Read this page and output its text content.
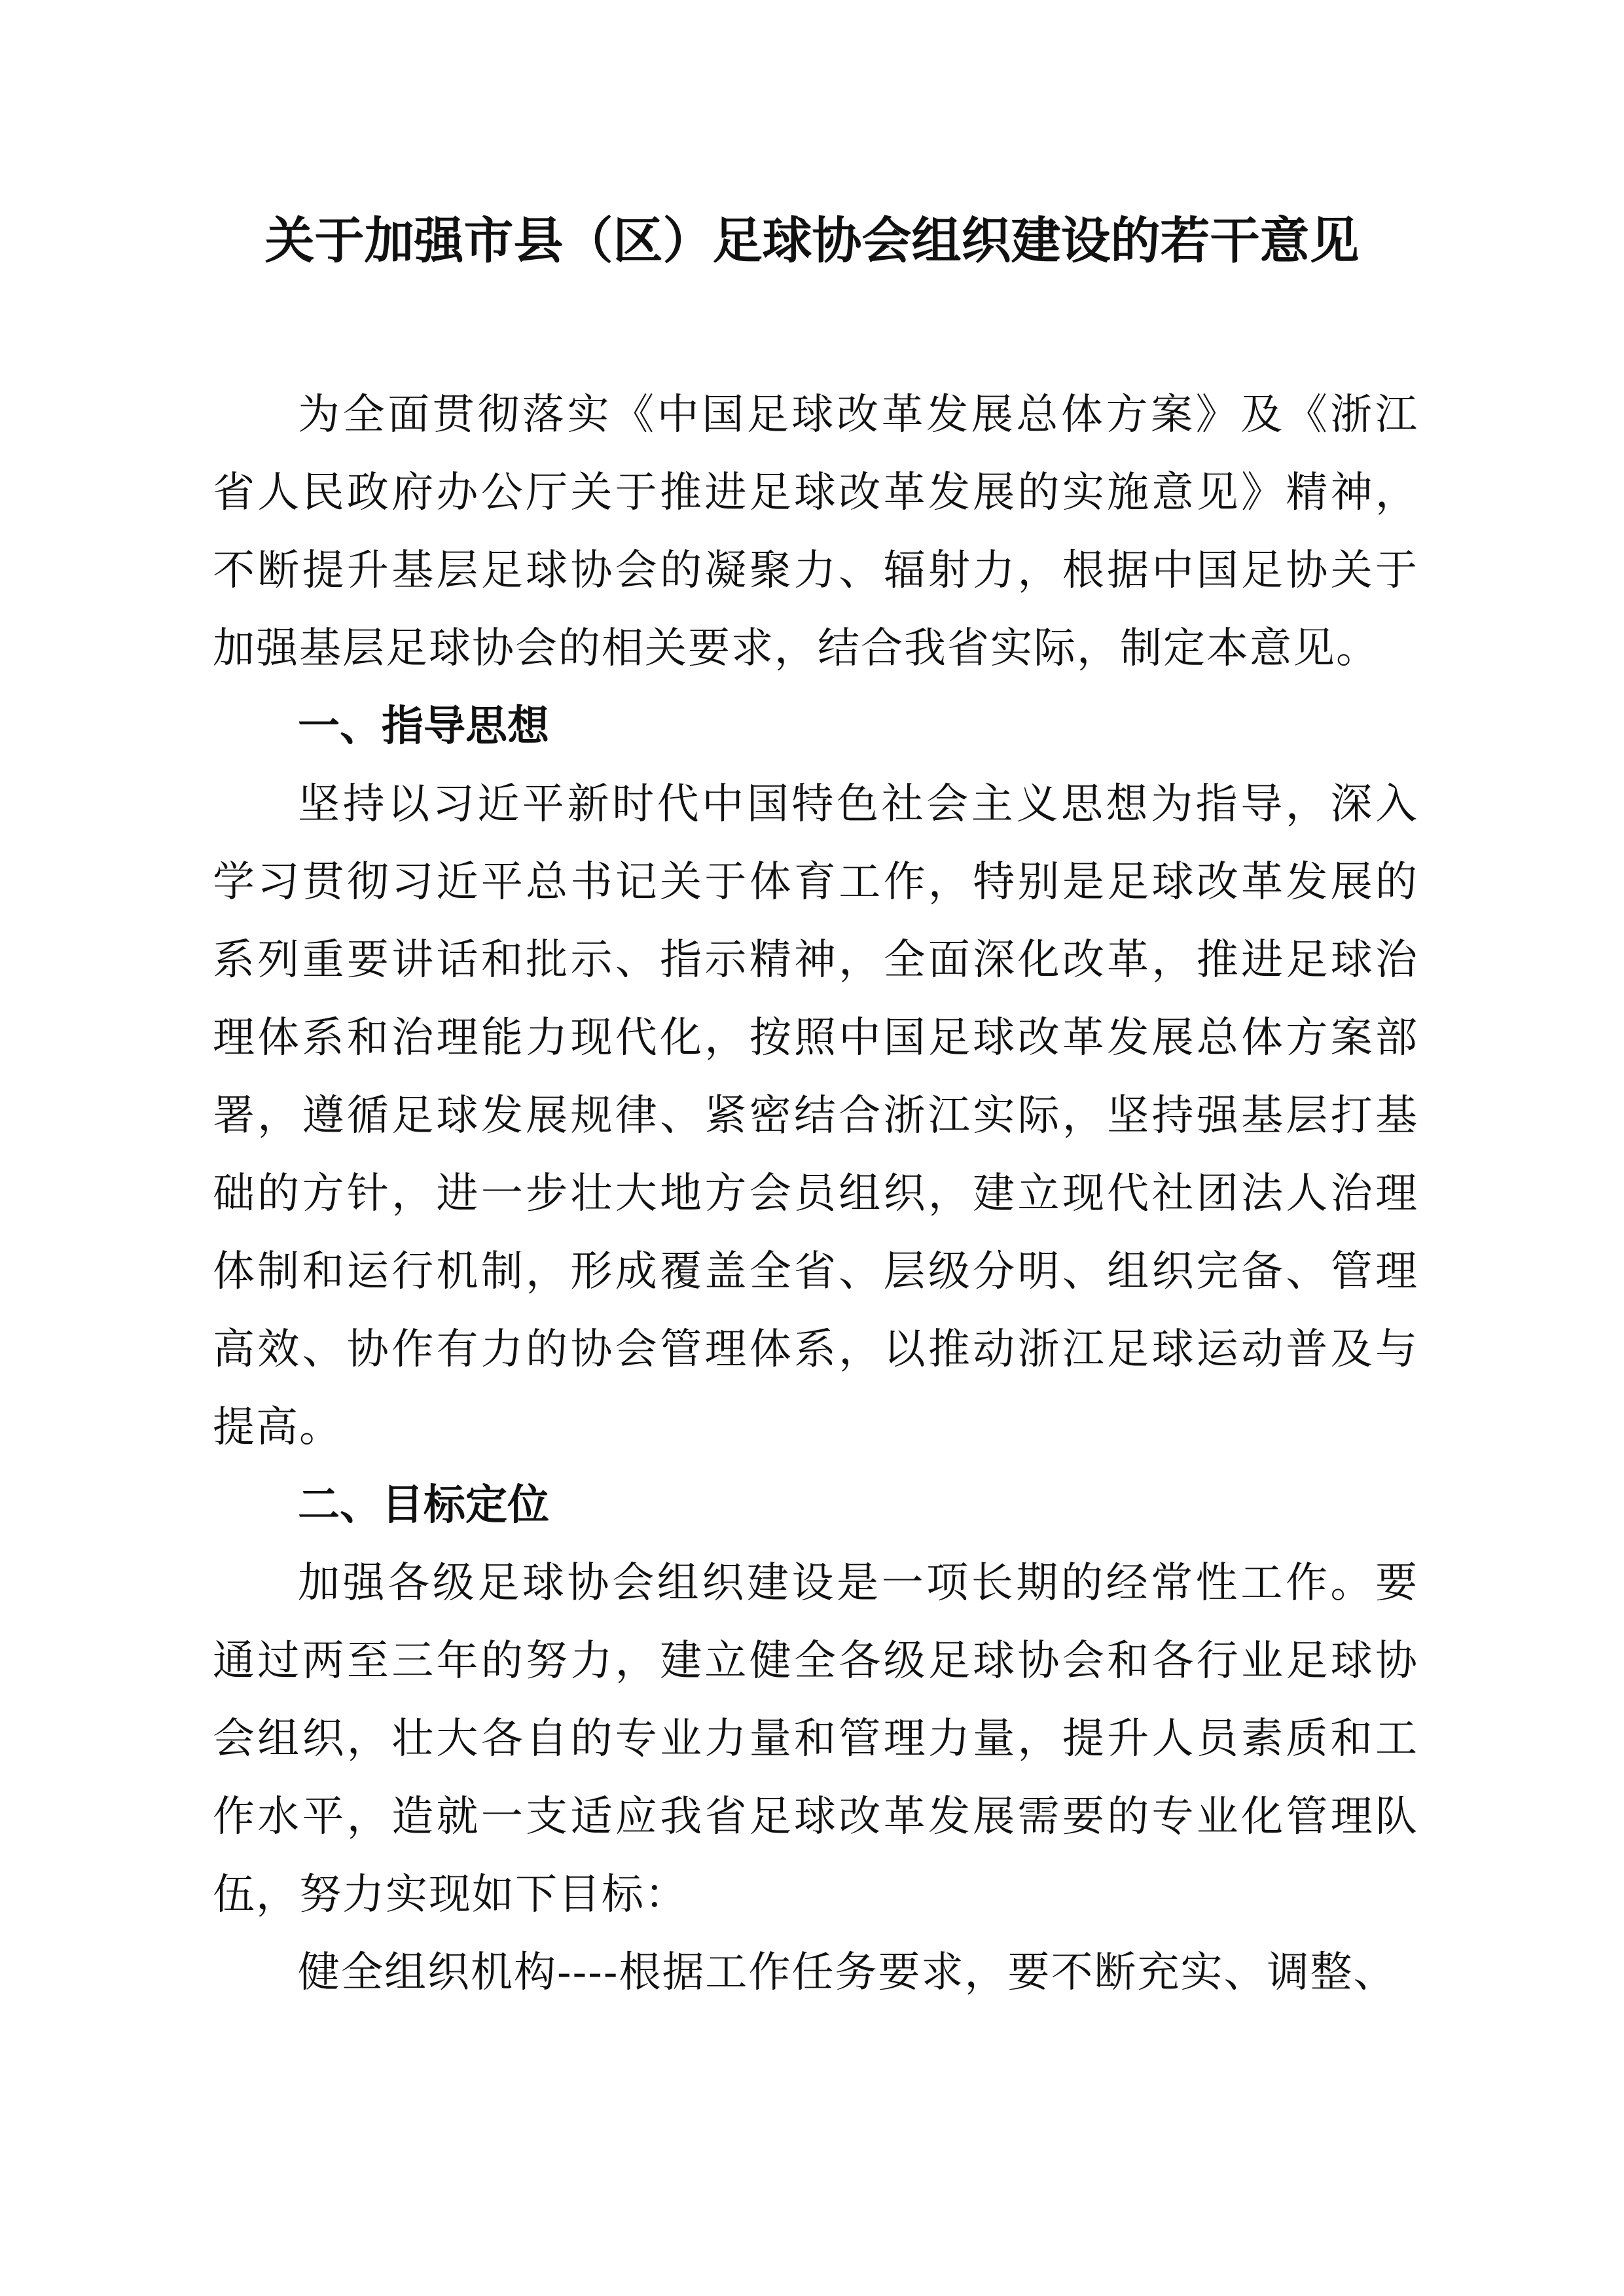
关于加强市县（区）足球协会组织建设的若干意见

为全面贯彻落实《中国足球改革发展总体方案》及《浙江省人民政府办公厅关于推进足球改革发展的实施意见》精神，不断提升基层足球协会的凝聚力、辐射力，根据中国足协关于加强基层足球协会的相关要求，结合我省实际，制定本意见。

一、指导思想

坚持以习近平新时代中国特色社会主义思想为指导，深入学习贯彻习近平总书记关于体育工作，特别是足球改革发展的系列重要讲话和批示、指示精神，全面深化改革，推进足球治理体系和治理能力现代化，按照中国足球改革发展总体方案部署，遵循足球发展规律、紧密结合浙江实际，坚持强基层打基础的方针，进一步壮大地方会员组织，建立现代社团法人治理体制和运行机制，形成覆盖全省、层级分明、组织完备、管理高效、协作有力的协会管理体系，以推动浙江足球运动普及与提高。

二、目标定位

加强各级足球协会组织建设是一项长期的经常性工作。要通过两至三年的努力，建立健全各级足球协会和各行业足球协会组织，壮大各自的专业力量和管理力量，提升人员素质和工作水平，造就一支适应我省足球改革发展需要的专业化管理队伍，努力实现如下目标：

健全组织机构----根据工作任务要求，要不断充实、调整、
